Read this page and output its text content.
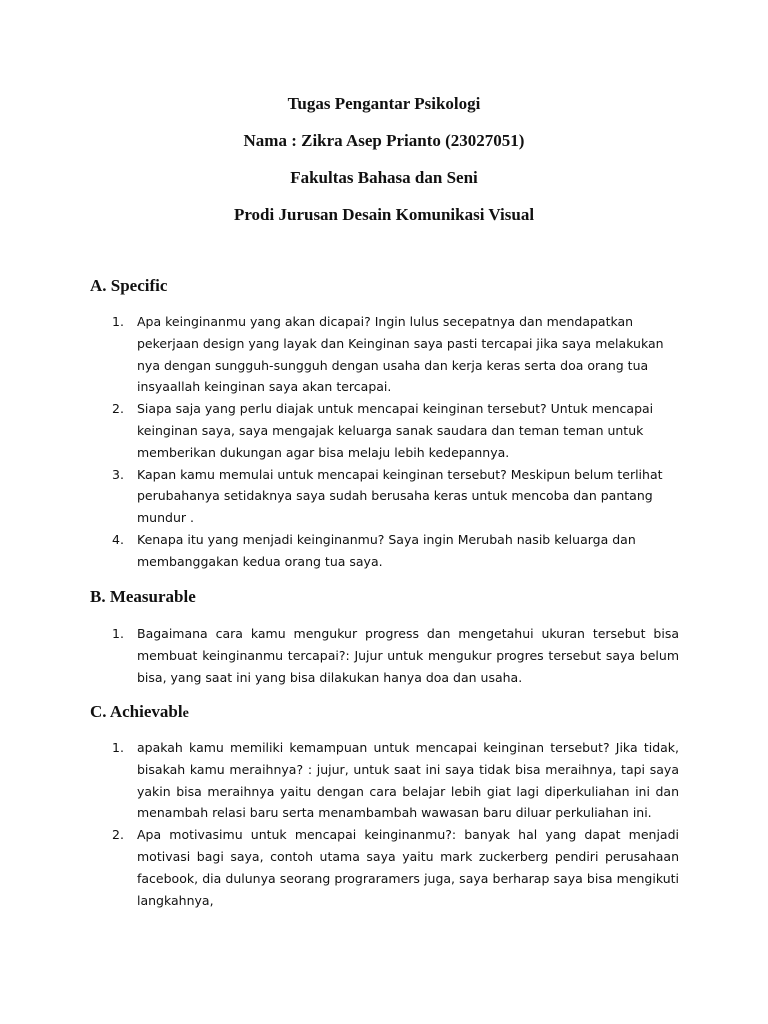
Tugas Pengantar Psikologi
Nama : Zikra Asep Prianto (23027051)
Fakultas Bahasa dan Seni
Prodi Jurusan Desain Komunikasi Visual
A. Specific
1. Apa keinginanmu yang akan dicapai? Ingin lulus secepatnya dan mendapatkan pekerjaan design yang layak dan Keinginan saya pasti tercapai jika saya melakukan nya dengan sungguh-sungguh dengan usaha dan kerja keras serta doa orang tua insyaallah keinginan saya akan tercapai.
2. Siapa saja yang perlu diajak untuk mencapai keinginan tersebut? Untuk mencapai keinginan saya, saya mengajak keluarga sanak saudara dan teman teman untuk memberikan dukungan agar bisa melaju lebih kedepannya.
3. Kapan kamu memulai untuk mencapai keinginan tersebut? Meskipun belum terlihat perubahanya setidaknya saya sudah berusaha keras untuk mencoba dan pantang mundur .
4. Kenapa itu yang menjadi keinginanmu? Saya ingin Merubah nasib keluarga dan membanggakan kedua orang tua saya.
B. Measurable
1. Bagaimana cara kamu mengukur progress dan mengetahui ukuran tersebut bisa membuat keinginanmu tercapai?: Jujur untuk mengukur progres tersebut saya belum bisa, yang saat ini yang bisa dilakukan hanya doa dan usaha.
C. Achievable
1. apakah kamu memiliki kemampuan untuk mencapai keinginan tersebut? Jika tidak, bisakah kamu meraihnya? : jujur, untuk saat ini saya tidak bisa meraihnya, tapi saya yakin bisa meraihnya yaitu dengan cara belajar lebih giat lagi diperkuliahan ini dan menambah relasi baru serta menambambah wawasan baru diluar perkuliahan ini.
2. Apa motivasimu untuk mencapai keinginanmu?: banyak hal yang dapat menjadi motivasi bagi saya, contoh utama saya yaitu mark zuckerberg pendiri perusahaan facebook, dia dulunya seorang prograramers juga, saya berharap saya bisa mengikuti langkahnya,
